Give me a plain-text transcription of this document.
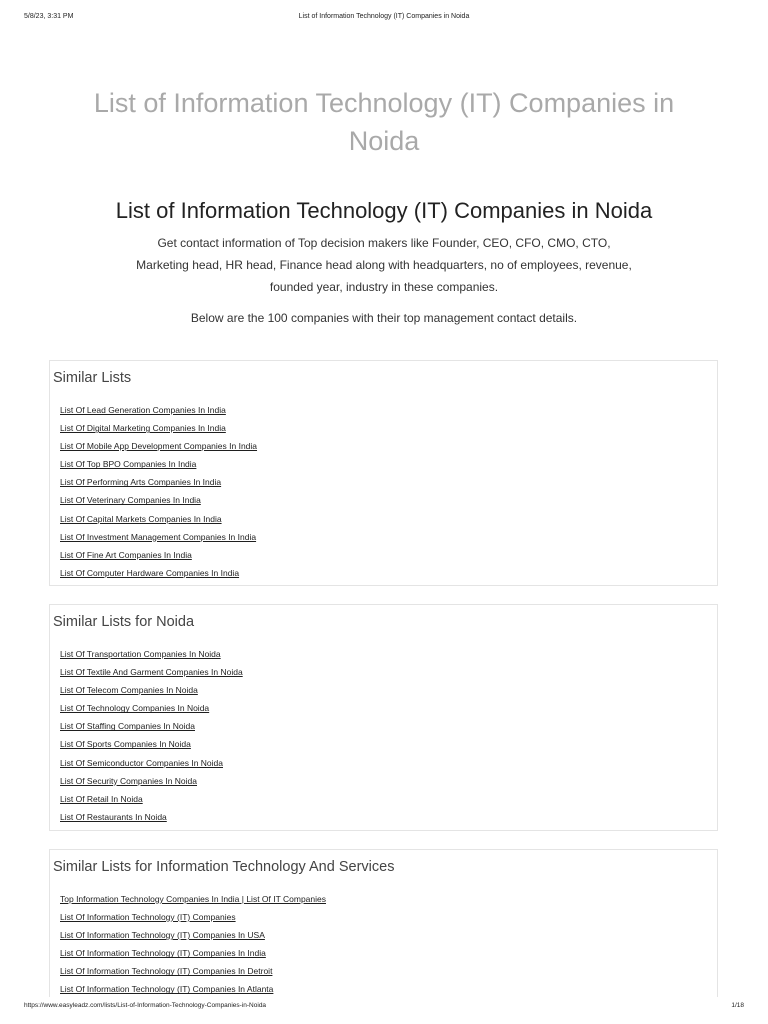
5/8/23, 3:31 PM	List of Information Technology (IT) Companies in Noida
List of Information Technology (IT) Companies in Noida
List of Information Technology (IT) Companies in Noida

Get contact information of Top decision makers like Founder, CEO, CFO, CMO, CTO,
Marketing head, HR head, Finance head along with headquarters, no of employees, revenue,
founded year, industry in these companies.

Below are the 100 companies with their top management contact details.

Similar Lists
List Of Lead Generation Companies In India
List Of Digital Marketing Companies In India
List Of Mobile App Development Companies In India
List Of Top BPO Companies In India
List Of Performing Arts Companies In India
List Of Veterinary Companies In India
List Of Capital Markets Companies In India
List Of Investment Management Companies In India
List Of Fine Art Companies In India
List Of Computer Hardware Companies In India
Similar Lists for Noida
List Of Transportation Companies In Noida
List Of Textile And Garment Companies In Noida
List Of Telecom Companies In Noida
List Of Technology Companies In Noida
List Of Staffing Companies In Noida
List Of Sports Companies In Noida
List Of Semiconductor Companies In Noida
List Of Security Companies In Noida
List Of Retail In Noida
List Of Restaurants In Noida
Similar Lists for Information Technology And Services
Top Information Technology Companies In India | List Of IT Companies
List Of Information Technology (IT) Companies
List Of Information Technology (IT) Companies In USA
List Of Information Technology (IT) Companies In India
List Of Information Technology (IT) Companies In Detroit
List Of Information Technology (IT) Companies In Atlanta
https://www.easyleadz.com/lists/List-of-Information-Technology-Companies-in-Noida	1/18
